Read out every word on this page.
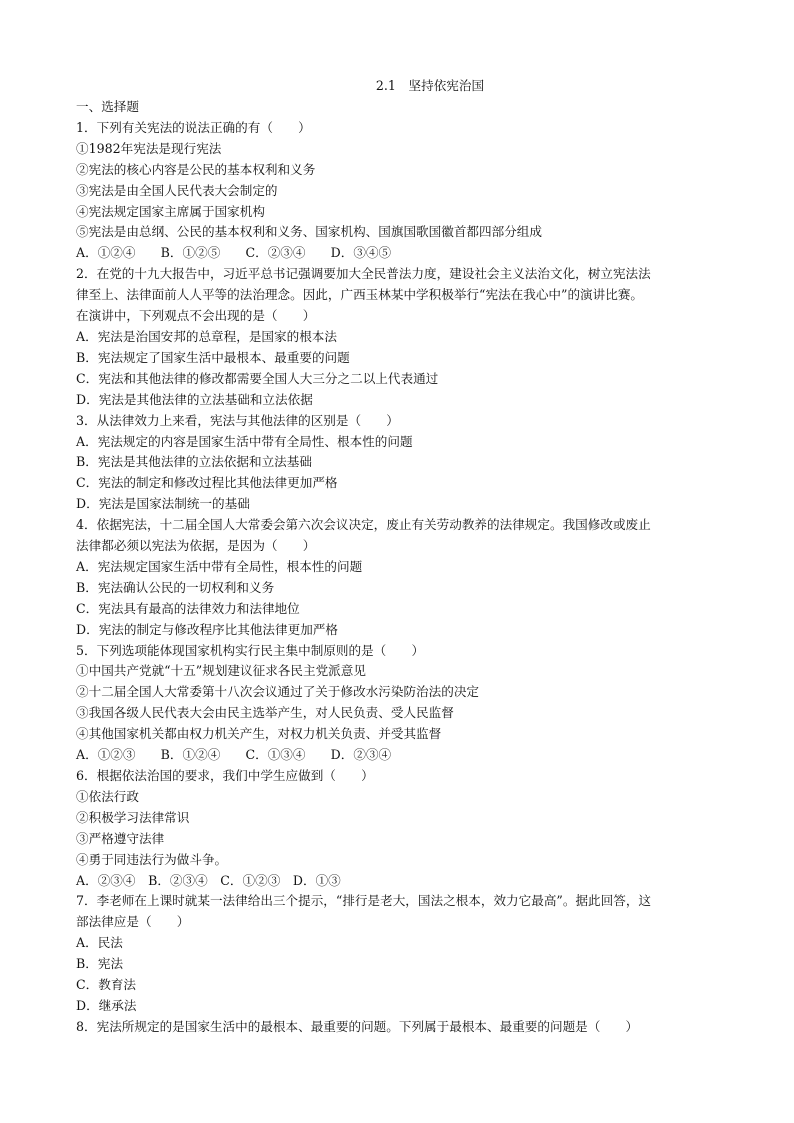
2.1　坚持依宪治国
一、选择题
1．下列有关宪法的说法正确的有（　　）
①1982年宪法是现行宪法
②宪法的核心内容是公民的基本权利和义务
③宪法是由全国人民代表大会制定的
④宪法规定国家主席属于国家机构
⑤宪法是由总纲、公民的基本权利和义务、国家机构、国旗国歌国徽首都四部分组成
A．①②④　　B．①②⑤　　C．②③④　　D．③④⑤
2．在党的十九大报告中，习近平总书记强调要加大全民普法力度，建设社会主义法治文化，树立宪法法
律至上、法律面前人人平等的法治理念。因此，广西玉林某中学积极举行“宪法在我心中”的演讲比赛。
在演讲中，下列观点不会出现的是（　　）
A．宪法是治国安邦的总章程，是国家的根本法
B．宪法规定了国家生活中最根本、最重要的问题
C．宪法和其他法律的修改都需要全国人大三分之二以上代表通过
D．宪法是其他法律的立法基础和立法依据
3．从法律效力上来看，宪法与其他法律的区别是（　　）
A．宪法规定的内容是国家生活中带有全局性、根本性的问题
B．宪法是其他法律的立法依据和立法基础
C．宪法的制定和修改过程比其他法律更加严格
D．宪法是国家法制统一的基础
4．依据宪法，十二届全国人大常委会第六次会议决定，废止有关劳动教养的法律规定。我国修改或废止
法律都必须以宪法为依据，是因为（　　）
A．宪法规定国家生活中带有全局性，根本性的问题
B．宪法确认公民的一切权利和义务
C．宪法具有最高的法律效力和法律地位
D．宪法的制定与修改程序比其他法律更加严格
5．下列选项能体现国家机构实行民主集中制原则的是（　　）
①中国共产党就“十五”规划建议征求各民主党派意见
②十二届全国人大常委第十八次会议通过了关于修改水污染防治法的决定
③我国各级人民代表大会由民主选举产生，对人民负责、受人民监督
④其他国家机关都由权力机关产生，对权力机关负责、并受其监督
A．①②③　　B．①②④　　C．①③④　　D．②③④
6．根据依法治国的要求，我们中学生应做到（　　）
①依法行政
②积极学习法律常识
③严格遵守法律
④勇于同违法行为做斗争。
A．②③④　B．②③④　C．①②③　D．①③
7．李老师在上课时就某一法律给出三个提示，“排行是老大，国法之根本，效力它最高”。据此回答，这
部法律应是（　　）
A．民法
B．宪法
C．教育法
D．继承法
8．宪法所规定的是国家生活中的最根本、最重要的问题。下列属于最根本、最重要的问题是（　　）
